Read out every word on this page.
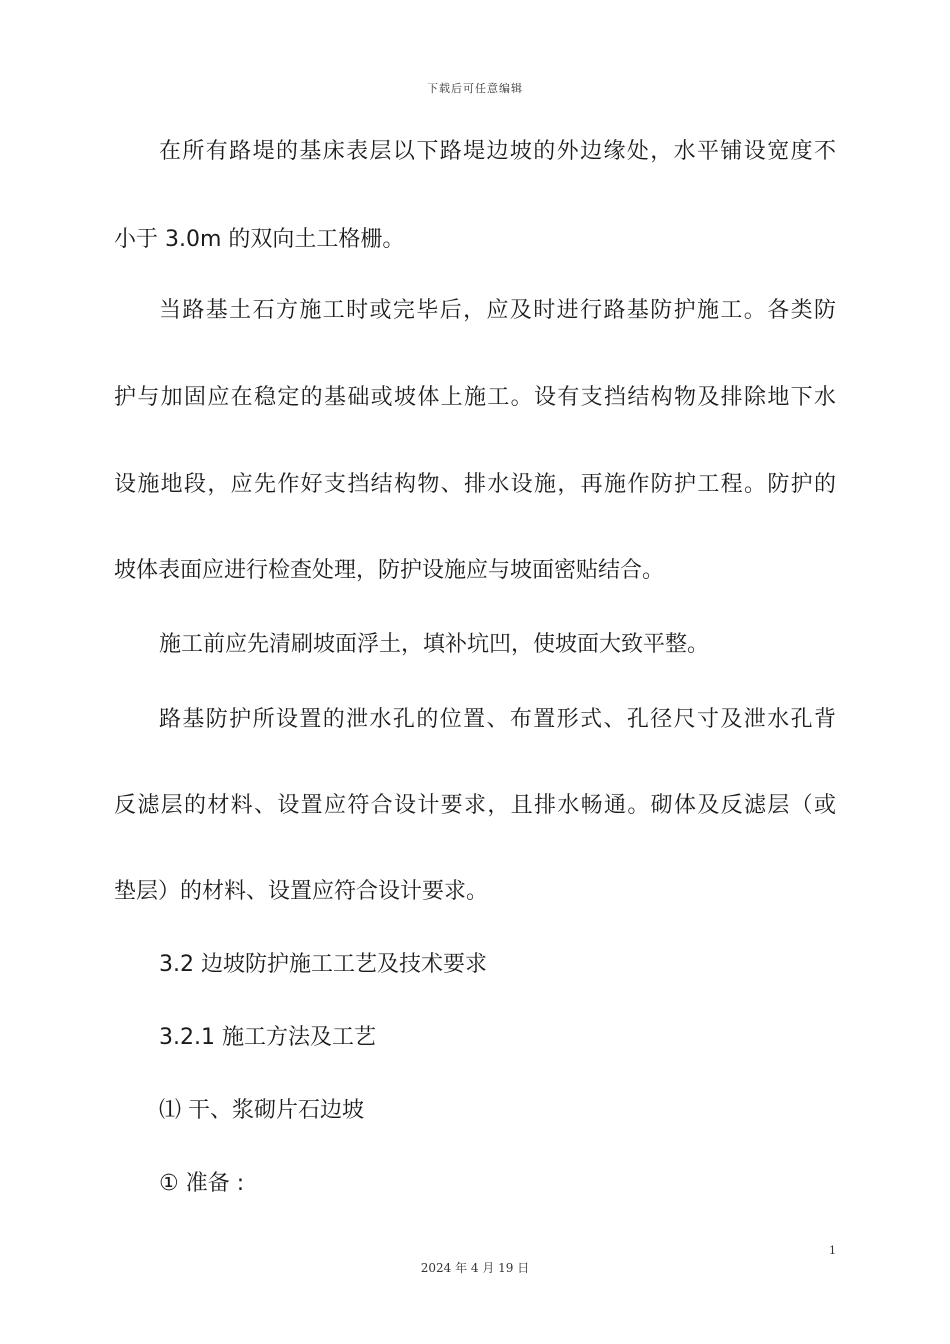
下载后可任意编辑
在所有路堤的基床表层以下路堤边坡的外边缘处，水平铺设宽度不
小于 3.0m 的双向土工格栅。
当路基土石方施工时或完毕后，应及时进行路基防护施工。各类防
护与加固应在稳定的基础或坡体上施工。设有支挡结构物及排除地下水
设施地段，应先作好支挡结构物、排水设施，再施作防护工程。防护的
坡体表面应进行检查处理，防护设施应与坡面密贴结合。
施工前应先清刷坡面浮土，填补坑凹，使坡面大致平整。
路基防护所设置的泄水孔的位置、布置形式、孔径尺寸及泄水孔背
反滤层的材料、设置应符合设计要求，且排水畅通。砌体及反滤层（或
垫层）的材料、设置应符合设计要求。
3.2 边坡防护施工工艺及技术要求
3.2.1 施工方法及工艺
⑴ 干、浆砌片石边坡
① 准备 :
1
2024 年 4 月 19 日
